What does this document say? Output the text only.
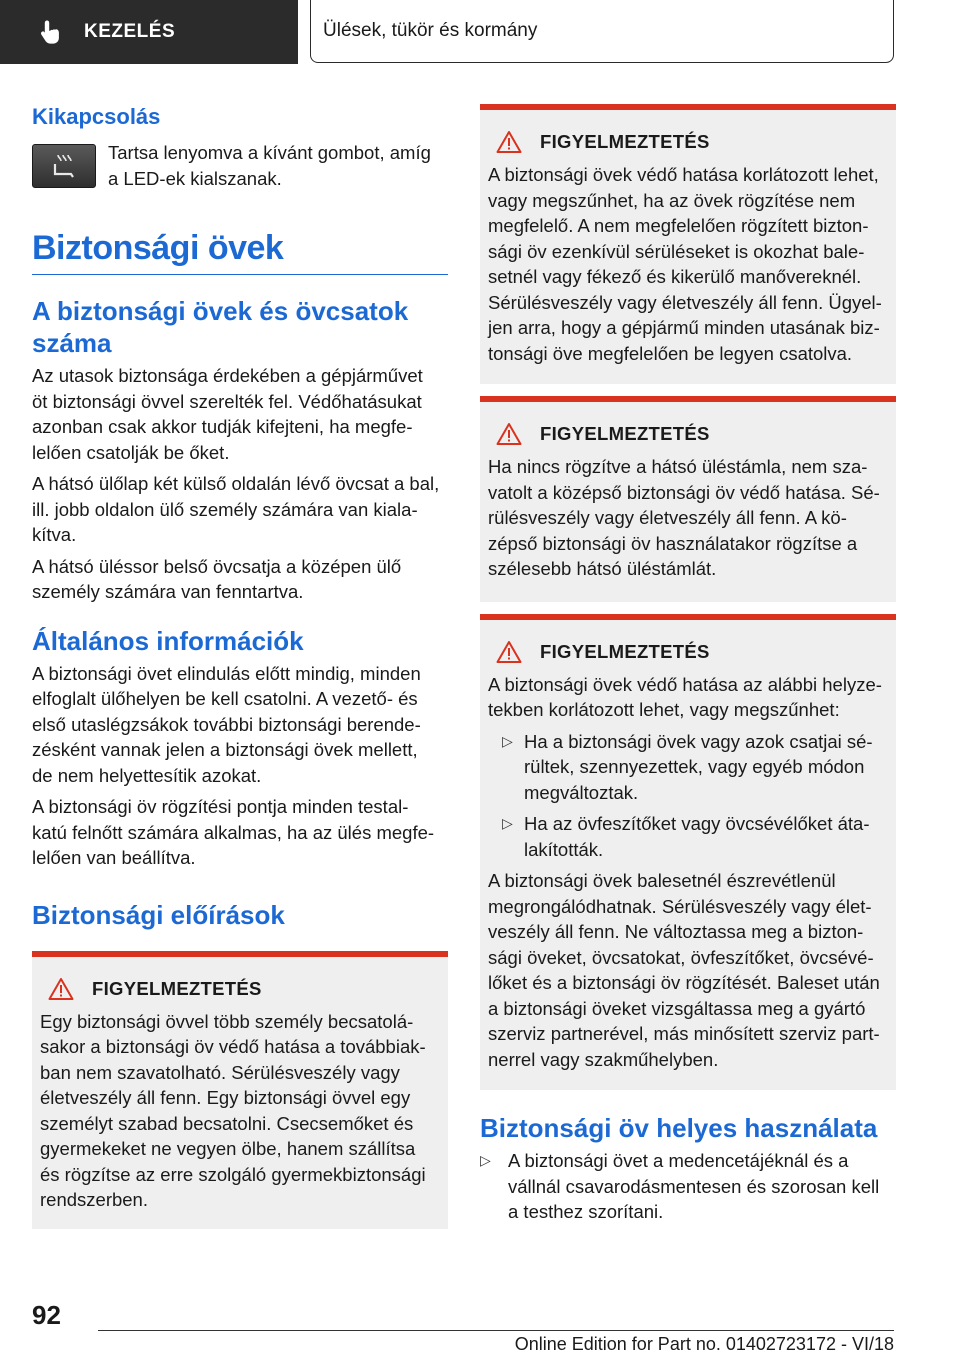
KEZELÉS	Ülések, tükör és kormány
Kikapcsolás

Tartsa lenyomva a kívánt gombot, amíg

a LED-ek kialszanak.

Biztonsági övek
A biztonsági övek és övcsatok
száma

Az utasok biztonsága érdekében a gépjárművet

öt biztonsági övvel szerelték fel. Védőhatásukat

azonban csak akkor tudják kifejteni, ha megfe-

lelően csatolják be őket.

A hátsó ülőlap két külső oldalán lévő övcsat a bal,

ill. jobb oldalon ülő személy számára van kiala-

kítva.

A hátsó üléssor belső övcsatja a középen ülő

személy számára van fenntartva.

Általános információk

A biztonsági övet elindulás előtt mindig, minden

elfoglalt ülőhelyen be kell csatolni. A vezető- és

első utaslégzsákok további biztonsági berende-

zésként vannak jelen a biztonsági övek mellett,

de nem helyettesítik azokat.

A biztonsági öv rögzítési pontja minden testal-

katú felnőtt számára alkalmas, ha az ülés megfe-

lelően van beállítva.

Biztonsági előírások
FIGYELMEZTETÉS

Egy biztonsági övvel több személy becsatolá-

sakor a biztonsági öv védő hatása a továbbiak-

ban nem szavatolható. Sérülésveszély vagy

életveszély áll fenn. Egy biztonsági övvel egy

személyt szabad becsatolni. Csecsemőket és

gyermekeket ne vegyen ölbe, hanem szállítsa

és rögzítse az erre szolgáló gyermekbiztonsági

rendszerben.

FIGYELMEZTETÉS

A biztonsági övek védő hatása korlátozott lehet,

vagy megszűnhet, ha az övek rögzítése nem

megfelelő. A nem megfelelően rögzített bizton-

sági öv ezenkívül sérüléseket is okozhat bale-

setnél vagy fékező és kikerülő manővereknél.

Sérülésveszély vagy életveszély áll fenn. Ügyel-

jen arra, hogy a gépjármű minden utasának biz-

tonsági öve megfelelően be legyen csatolva.

FIGYELMEZTETÉS

Ha nincs rögzítve a hátsó üléstámla, nem sza-

vatolt a középső biztonsági öv védő hatása. Sé-

rülésveszély vagy életveszély áll fenn. A kö-

zépső biztonsági öv használatakor rögzítse a

szélesebb hátsó üléstámlát.

FIGYELMEZTETÉS

A biztonsági övek védő hatása az alábbi helyze-

tekben korlátozott lehet, vagy megszűnhet:

▷ Ha a biztonsági övek vagy azok csatjai sé-

rültek, szennyezettek, vagy egyéb módon

megváltoztak.

▷ Ha az övfeszítőket vagy övcsévélőket áta-

lakították.

A biztonsági övek balesetnél észrevétlenül

megrongálódhatnak. Sérülésveszély vagy élet-

veszély áll fenn. Ne változtassa meg a bizton-

sági öveket, övcsatokat, övfeszítőket, övcsévé-

lőket és a biztonsági öv rögzítését. Baleset után

a biztonsági öveket vizsgáltassa meg a gyártó

szerviz partnerével, más minősített szerviz part-

nerrel vagy szakműhelyben.

Biztonsági öv helyes használata
▷ A biztonsági övet a medencetájéknál és a

vállnál csavarodásmentesen és szorosan kell

a testhez szorítani.

92
Online Edition for Part no. 01402723172 - VI/18
